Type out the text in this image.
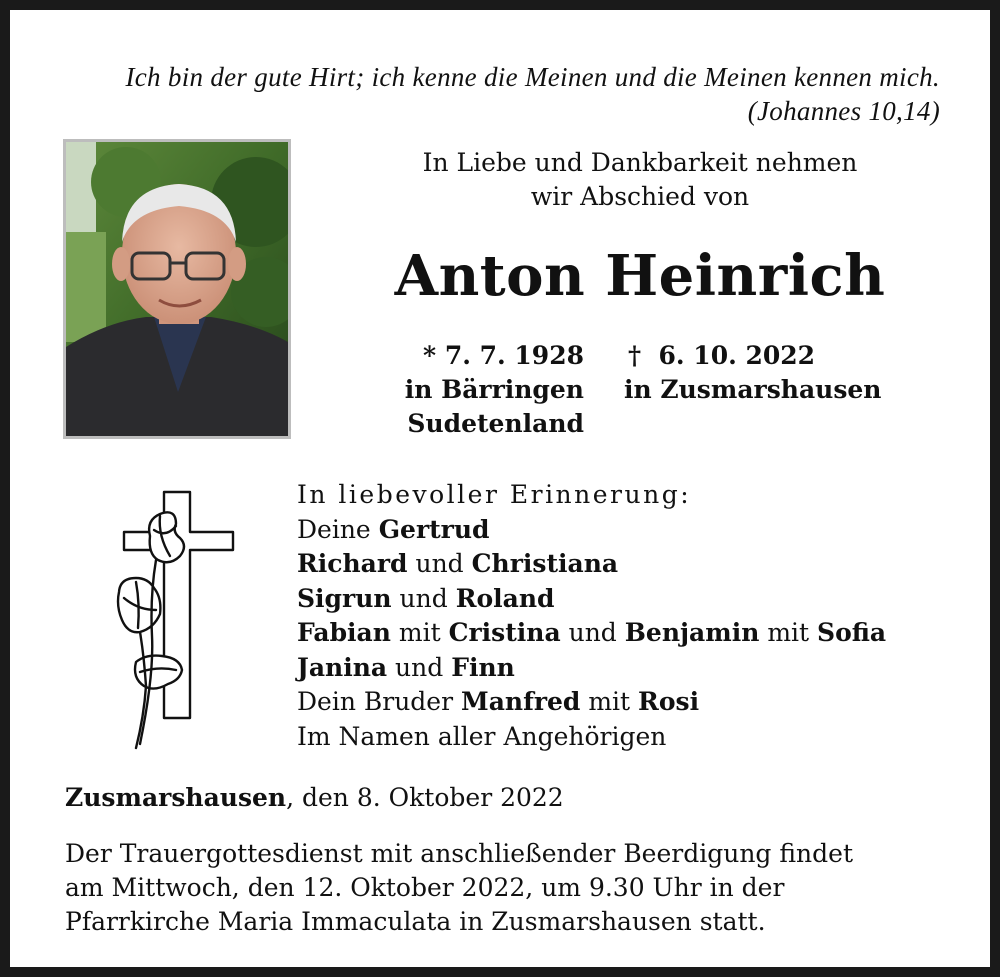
Ich bin der gute Hirt; ich kenne die Meinen und die Meinen kennen mich.
(Johannes 10,14)
In Liebe und Dankbarkeit nehmen
wir Abschied von
Anton Heinrich
* 7. 7. 1928
in Bärringen
Sudetenland
† 6. 10. 2022
in Zusmarshausen
In liebevoller Erinnerung:
Deine Gertrud
Richard und Christiana
Sigrun und Roland
Fabian mit Cristina und Benjamin mit Sofia
Janina und Finn
Dein Bruder Manfred mit Rosi
Im Namen aller Angehörigen
Zusmarshausen, den 8. Oktober 2022
Der Trauergottesdienst mit anschließender Beerdigung findet
am Mittwoch, den 12. Oktober 2022, um 9.30 Uhr in der
Pfarrkirche Maria Immaculata in Zusmarshausen statt.
